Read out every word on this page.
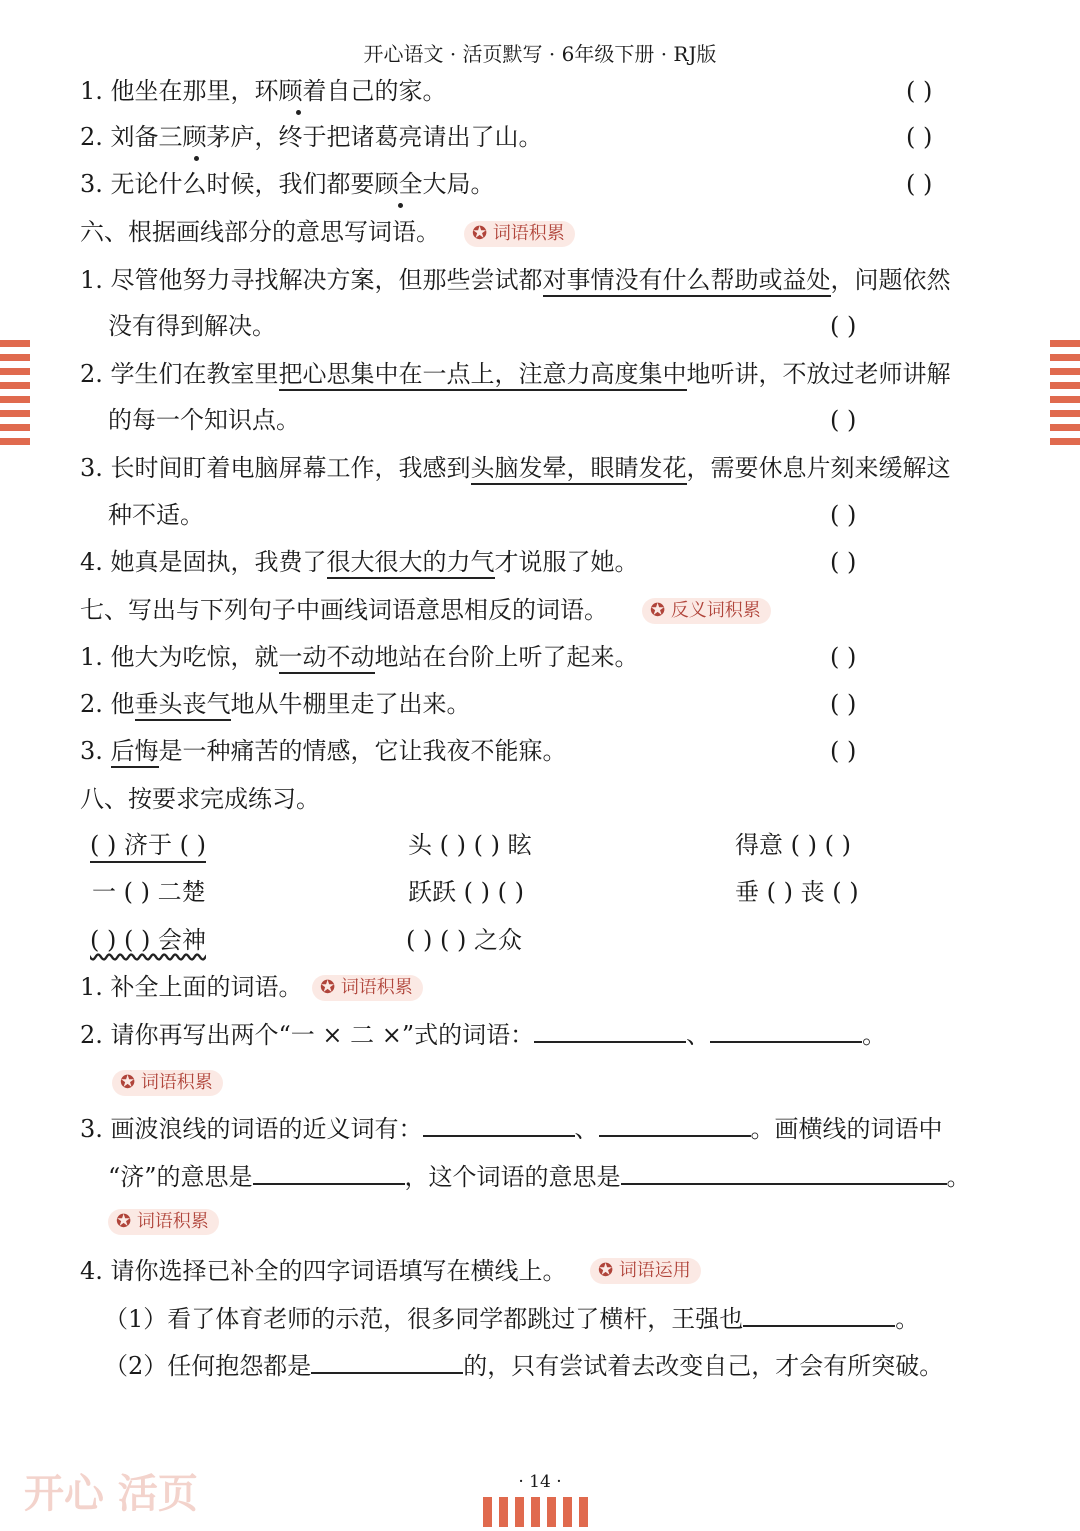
开心语文 · 活页默写 · 6年级下册 · RJ版
1. 他坐在那里，环顾着自己的家。	( )
2. 刘备三顾茅庐，终于把诸葛亮请出了山。	( )
3. 无论什么时候，我们都要顾全大局。	( )
六、根据画线部分的意思写词语。	✪ 词语积累
1. 尽管他努力寻找解决方案，但那些尝试都对事情没有什么帮助或益处，问题依然
没有得到解决。	( )
2. 学生们在教室里把心思集中在一点上，注意力高度集中地听讲，不放过老师讲解
的每一个知识点。	( )
3. 长时间盯着电脑屏幕工作，我感到头脑发晕，眼睛发花，需要休息片刻来缓解这
种不适。	( )
4. 她真是固执，我费了很大很大的力气才说服了她。	( )
七、写出与下列句子中画线词语意思相反的词语。	✪ 反义词积累
1. 他大为吃惊，就一动不动地站在台阶上听了起来。	( )
2. 他垂头丧气地从牛棚里走了出来。	( )
3. 后悔是一种痛苦的情感，它让我夜不能寐。	( )
八、按要求完成练习。
( ) 济于 ( )	头 ( ) ( ) 眩	得意 ( ) ( )
一 ( ) 二楚	跃跃 ( ) ( )	垂 ( ) 丧 ( )
( ) ( ) 会神	( ) ( ) 之众
1. 补全上面的词语。 ✪ 词语积累
2. 请你再写出两个“一 × 二 ×”式的词语：	、	。
✪ 词语积累
3. 画波浪线的词语的近义词有：	、	。画横线的词语中
“济”的意思是	，这个词语的意思是	。
✪ 词语积累
4. 请你选择已补全的四字词语填写在横线上。	✪ 词语运用
（1）看了体育老师的示范，很多同学都跳过了横杆，王强也	。
（2）任何抱怨都是	的，只有尝试着去改变自己，才会有所突破。
开心 活页	· 14 ·
